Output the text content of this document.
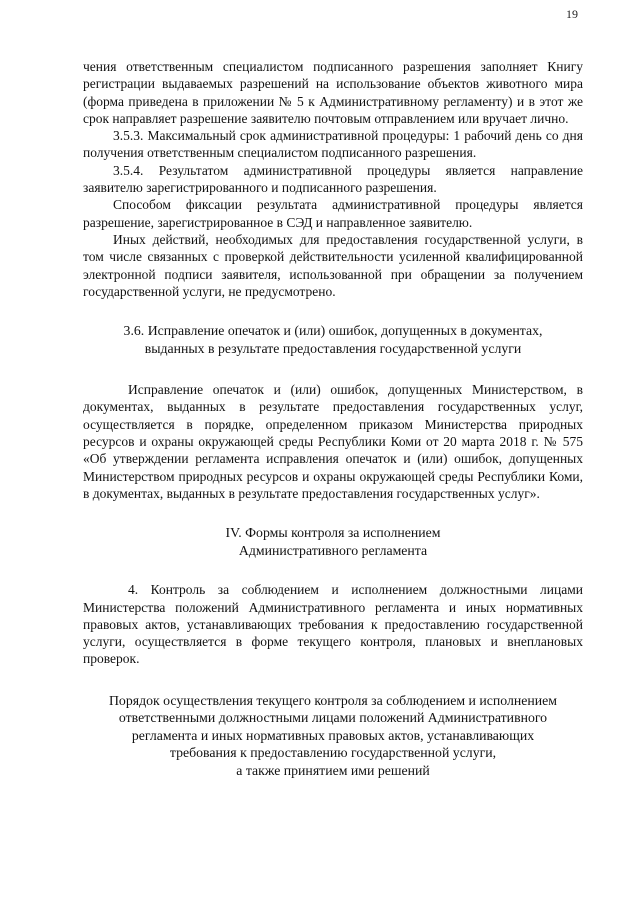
19

чения ответственным специалистом подписанного разрешения заполняет Книгу регистрации выдаваемых разрешений на использование объектов животного мира (форма приведена в приложении № 5 к Административному регламенту) и в этот же срок направляет разрешение заявителю почтовым отправлением или вручает лично.

3.5.3. Максимальный срок административной процедуры: 1 рабочий день со дня получения ответственным специалистом подписанного разрешения.

3.5.4. Результатом административной процедуры является направление заявителю зарегистрированного и подписанного разрешения.

Способом фиксации результата административной процедуры является разрешение, зарегистрированное в СЭД и направленное заявителю.

Иных действий, необходимых для предоставления государственной услуги, в том числе связанных с проверкой действительности усиленной квалифицированной электронной подписи заявителя, использованной при обращении за получением государственной услуги, не предусмотрено.

3.6. Исправление опечаток и (или) ошибок, допущенных в документах,

выданных в результате предоставления государственной услуги

Исправление опечаток и (или) ошибок, допущенных Министерством, в документах, выданных в результате предоставления государственных услуг, осуществляется в порядке, определенном приказом Министерства природных ресурсов и охраны окружающей среды Республики Коми от 20 марта 2018 г. № 575 «Об утверждении регламента исправления опечаток и (или) ошибок, допущенных Министерством природных ресурсов и охраны окружающей среды Республики Коми, в документах, выданных в результате предоставления государственных услуг».

IV. Формы контроля за исполнением

Административного регламента

4. Контроль за соблюдением и исполнением должностными лицами Министерства положений Административного регламента и иных нормативных правовых актов, устанавливающих требования к предоставлению государственной услуги, осуществляется в форме текущего контроля, плановых и внеплановых проверок.

Порядок осуществления текущего контроля за соблюдением и исполнением

ответственными должностными лицами положений Административного

регламента и иных нормативных правовых актов, устанавливающих

требования к предоставлению государственной услуги,

а также принятием ими решений
